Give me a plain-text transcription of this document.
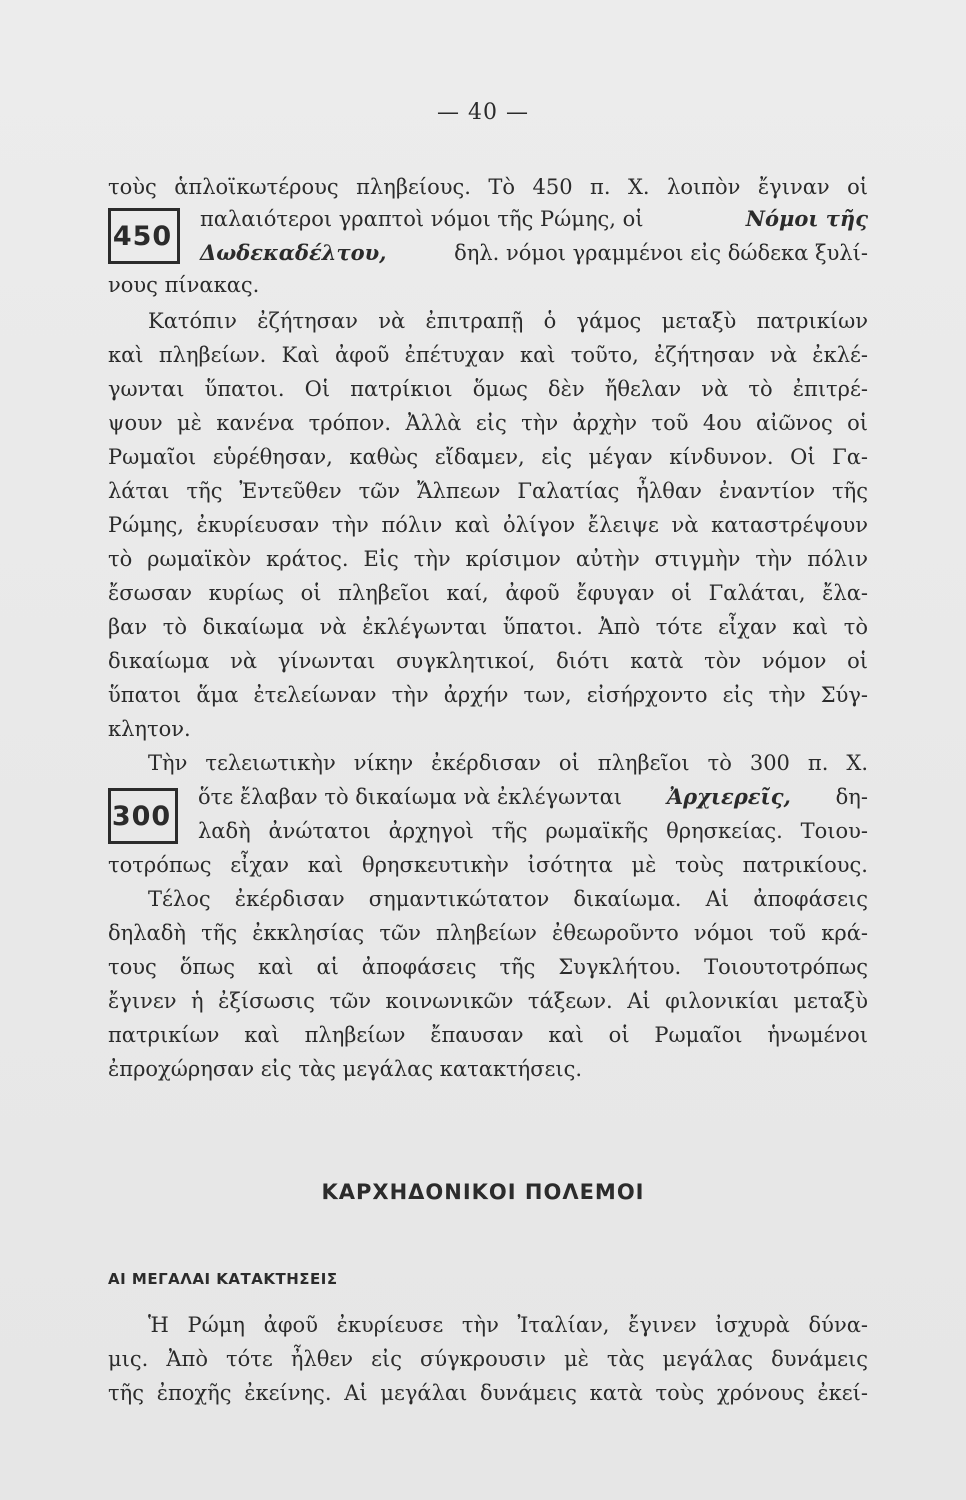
— 40 —
τοὺς ἁπλοϊκωτέρους πληβείους. Τὸ 450 π. Χ. λοιπὸν ἔγιναν οἱ
450
παλαιότεροι γραπτοὶ νόμοι τῆς Ρώμης, οἱ	Νόμοι τῆς
Δωδεκαδέλτου,	δηλ. νόμοι γραμμένοι εἰς δώδεκα ξυλί-
νους πίνακας.
Κατόπιν ἐζήτησαν νὰ ἐπιτραπῇ ὁ γάμος μεταξὺ πατρικίων
καὶ πληβείων. Καὶ ἀφοῦ ἐπέτυχαν καὶ τοῦτο, ἐζήτησαν νὰ ἐκλέ-
γωνται ὕπατοι. Οἱ πατρίκιοι ὅμως δὲν ἤθελαν νὰ τὸ ἐπιτρέ-
ψουν μὲ κανένα τρόπον. Ἀλλὰ εἰς τὴν ἀρχὴν τοῦ 4ου αἰῶνος οἱ
Ρωμαῖοι εὑρέθησαν, καθὼς εἴδαμεν, εἰς μέγαν κίνδυνον. Οἱ Γα-
λάται τῆς Ἐντεῦθεν τῶν Ἄλπεων Γαλατίας ἦλθαν ἐναντίον τῆς
Ρώμης, ἐκυρίευσαν τὴν πόλιν καὶ ὀλίγον ἔλειψε νὰ καταστρέψουν
τὸ ρωμαϊκὸν κράτος. Εἰς τὴν κρίσιμον αὐτὴν στιγμὴν τὴν πόλιν
ἔσωσαν κυρίως οἱ πληβεῖοι καί, ἀφοῦ ἔφυγαν οἱ Γαλάται, ἔλα-
βαν τὸ δικαίωμα νὰ ἐκλέγωνται ὕπατοι. Ἀπὸ τότε εἶχαν καὶ τὸ
δικαίωμα νὰ γίνωνται συγκλητικοί, διότι κατὰ τὸν νόμον οἱ
ὕπατοι ἅμα ἐτελείωναν τὴν ἀρχήν των, εἰσήρχοντο εἰς τὴν Σύγ-
κλητον.
Τὴν τελειωτικὴν νίκην ἐκέρδισαν οἱ πληβεῖοι τὸ 300 π. Χ.
300
ὅτε ἔλαβαν τὸ δικαίωμα νὰ ἐκλέγωνται Ἀρχιερεῖς, δη-
λαδὴ ἀνώτατοι ἀρχηγοὶ τῆς ρωμαϊκῆς θρησκείας. Τοιου-
τοτρόπως εἶχαν καὶ θρησκευτικὴν ἰσότητα μὲ τοὺς πατρικίους.
Τέλος ἐκέρδισαν σημαντικώτατον δικαίωμα. Αἱ ἀποφάσεις
δηλαδὴ τῆς ἐκκλησίας τῶν πληβείων ἐθεωροῦντο νόμοι τοῦ κρά-
τους ὅπως καὶ αἱ ἀποφάσεις τῆς Συγκλήτου. Τοιουτοτρόπως
ἔγινεν ἡ ἐξίσωσις τῶν κοινωνικῶν τάξεων. Αἱ φιλονικίαι μεταξὺ
πατρικίων καὶ πληβείων ἔπαυσαν καὶ οἱ Ρωμαῖοι ἡνωμένοι
ἐπροχώρησαν εἰς τὰς μεγάλας κατακτήσεις.
ΚΑΡΧΗΔΟΝΙΚΟΙ ΠΟΛΕΜΟΙ
ΑΙ ΜΕΓΑΛΑΙ ΚΑΤΑΚΤΗΣΕΙΣ
Ἡ Ρώμη ἀφοῦ ἐκυρίευσε τὴν Ἰταλίαν, ἔγινεν ἰσχυρὰ δύνα-
μις. Ἀπὸ τότε ἦλθεν εἰς σύγκρουσιν μὲ τὰς μεγάλας δυνάμεις
τῆς ἐποχῆς ἐκείνης. Αἱ μεγάλαι δυνάμεις κατὰ τοὺς χρόνους ἐκεί-
